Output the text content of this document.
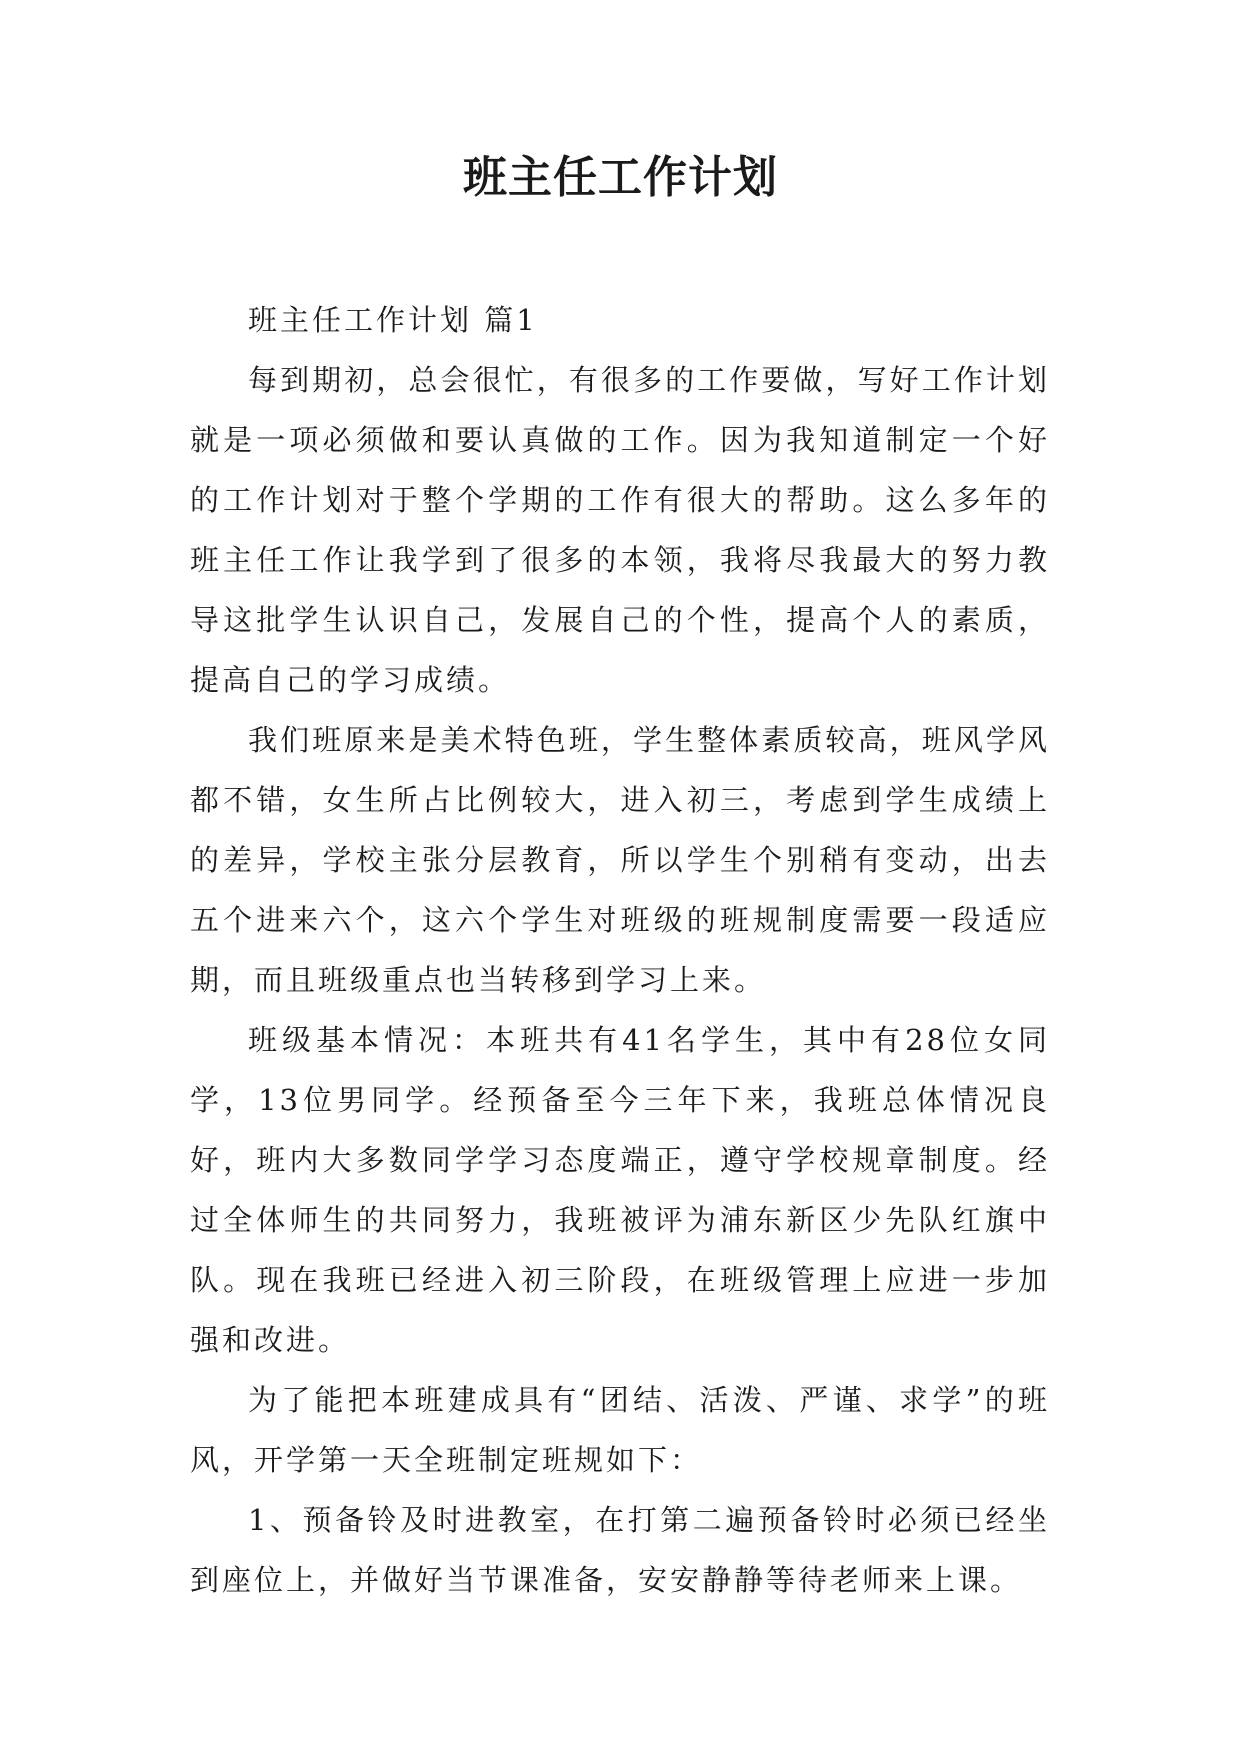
班主任工作计划

班主任工作计划 篇1

每到期初，总会很忙，有很多的工作要做，写好工作计划就是一项必须做和要认真做的工作。因为我知道制定一个好的工作计划对于整个学期的工作有很大的帮助。这么多年的班主任工作让我学到了很多的本领，我将尽我最大的努力教导这批学生认识自己，发展自己的个性，提高个人的素质，提高自己的学习成绩。

我们班原来是美术特色班，学生整体素质较高，班风学风都不错，女生所占比例较大，进入初三，考虑到学生成绩上的差异，学校主张分层教育，所以学生个别稍有变动，出去五个进来六个，这六个学生对班级的班规制度需要一段适应期，而且班级重点也当转移到学习上来。

班级基本情况：本班共有41名学生，其中有28位女同学，13位男同学。经预备至今三年下来，我班总体情况良好，班内大多数同学学习态度端正，遵守学校规章制度。经过全体师生的共同努力，我班被评为浦东新区少先队红旗中队。现在我班已经进入初三阶段，在班级管理上应进一步加强和改进。

为了能把本班建成具有“团结、活泼、严谨、求学”的班风，开学第一天全班制定班规如下：

1、预备铃及时进教室，在打第二遍预备铃时必须已经坐到座位上，并做好当节课准备，安安静静等待老师来上课。
